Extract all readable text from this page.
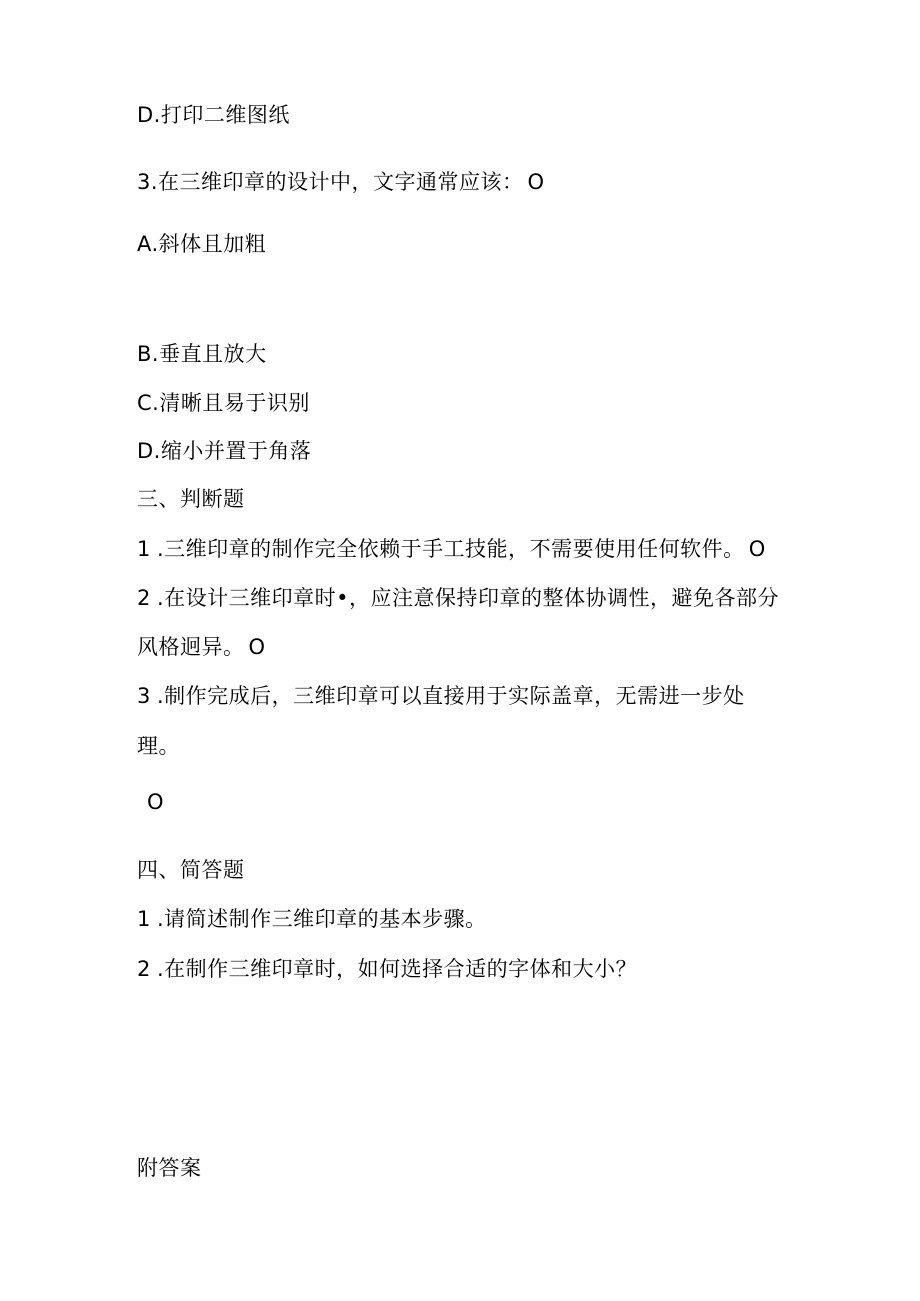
D.打印二维图纸
3.在三维印章的设计中，文字通常应该： O
A.斜体且加粗
B.垂直且放大
C.清晰且易于识别
D.缩小并置于角落
三、判断题
1 .三维印章的制作完全依赖于手工技能，不需要使用任何软件。 O
2 .在设计三维印章时•，应注意保持印章的整体协调性，避免各部分
风格迥异。 O
3 .制作完成后，三维印章可以直接用于实际盖章，无需进一步处
理。
O
四、简答题
1 .请简述制作三维印章的基本步骤。
2 .在制作三维印章时，如何选择合适的字体和大小？
附答案
